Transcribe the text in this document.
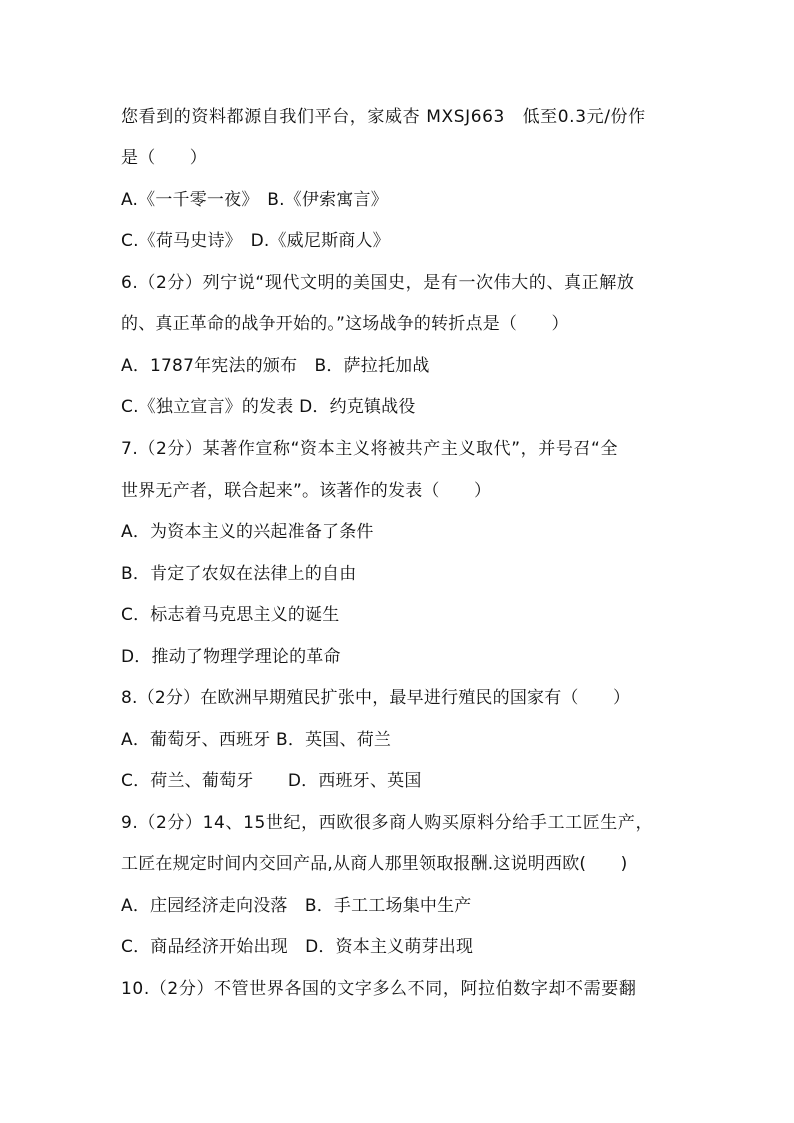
您看到的资料都源自我们平台，家威杏 MXSJ663　低至0.3元/份作
是（　　）
A.《一千零一夜》　B.《伊索寓言》
C.《荷马史诗》　D.《威尼斯商人》
6.（2分）列宁说“现代文明的美国史，是有一次伟大的、真正解放
的、真正革命的战争开始的。”这场战争的转折点是（　　）
A．1787年宪法的颁布　B．萨拉托加战
C.《独立宣言》的发表 D．约克镇战役
7.（2分）某著作宣称“资本主义将被共产主义取代”，并号召“全
世界无产者，联合起来”。该著作的发表（　　）
A．为资本主义的兴起准备了条件
B．肯定了农奴在法律上的自由
C．标志着马克思主义的诞生
D．推动了物理学理论的革命
8.（2分）在欧洲早期殖民扩张中，最早进行殖民的国家有（　　）
A．葡萄牙、西班牙 B．英国、荷兰
C．荷兰、葡萄牙　　D．西班牙、英国
9.（2分）14、15世纪，西欧很多商人购买原料分给手工工匠生产，
工匠在规定时间内交回产品,从商人那里领取报酬.这说明西欧(　　)
A．庄园经济走向没落　B．手工工场集中生产
C．商品经济开始出现　D．资本主义萌芽出现
10.（2分）不管世界各国的文字多么不同，阿拉伯数字却不需要翻
